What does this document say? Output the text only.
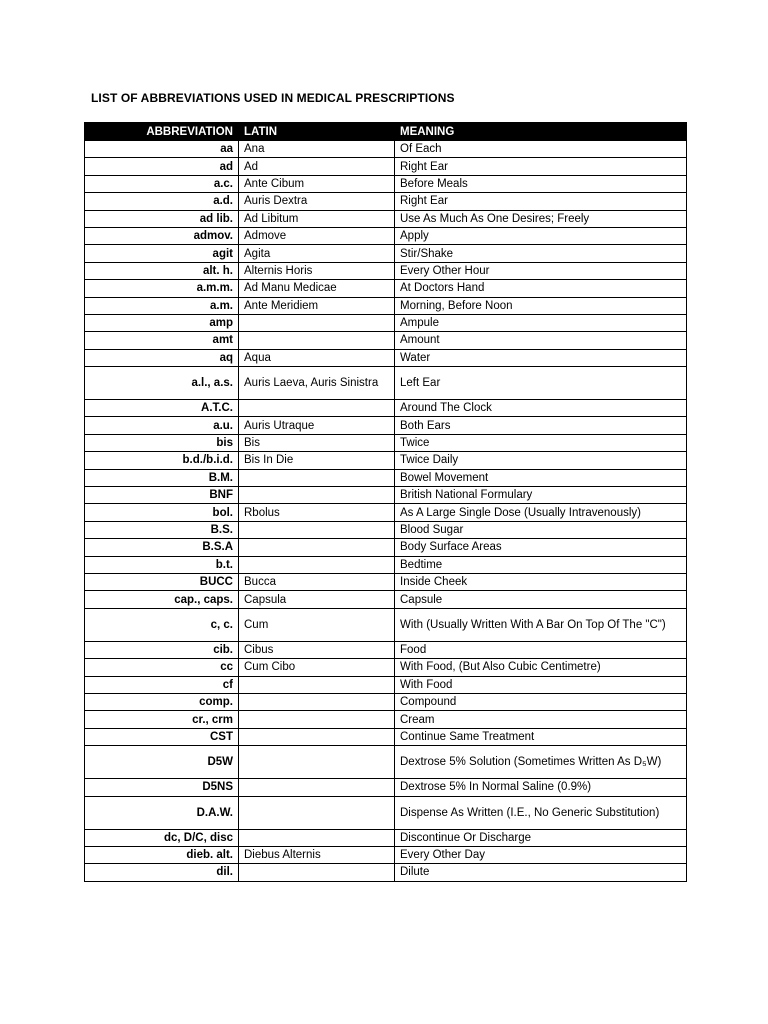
LIST OF ABBREVIATIONS USED IN MEDICAL PRESCRIPTIONS
ABBREVIATION	LATIN	MEANING
aa	Ana	Of Each
ad	Ad	Right Ear
a.c.	Ante Cibum	Before Meals
a.d.	Auris Dextra	Right Ear
ad lib.	Ad Libitum	Use As Much As One Desires; Freely
admov.	Admove	Apply
agit	Agita	Stir/Shake
alt. h.	Alternis Horis	Every Other Hour
a.m.m.	Ad Manu Medicae	At Doctors Hand
a.m.	Ante Meridiem	Morning, Before Noon
amp		Ampule
amt		Amount
aq	Aqua	Water
a.l., a.s.	Auris Laeva, Auris Sinistra	Left Ear
A.T.C.		Around The Clock
a.u.	Auris Utraque	Both Ears
bis	Bis	Twice
b.d./b.i.d.	Bis In Die	Twice Daily
B.M.		Bowel Movement
BNF		British National Formulary
bol.	Rbolus	As A Large Single Dose (Usually Intravenously)
B.S.		Blood Sugar
B.S.A		Body Surface Areas
b.t.		Bedtime
BUCC	Bucca	Inside Cheek
cap., caps.	Capsula	Capsule
c, c.	Cum	With (Usually Written With A Bar On Top Of The "C")
cib.	Cibus	Food
cc	Cum Cibo	With Food, (But Also Cubic Centimetre)
cf		With Food
comp.		Compound
cr., crm		Cream
CST		Continue Same Treatment
D5W		Dextrose 5% Solution (Sometimes Written As D₅W)
D5NS		Dextrose 5% In Normal Saline (0.9%)
D.A.W.		Dispense As Written (I.E., No Generic Substitution)
dc, D/C, disc		Discontinue Or Discharge
dieb. alt.	Diebus Alternis	Every Other Day
dil.		Dilute
